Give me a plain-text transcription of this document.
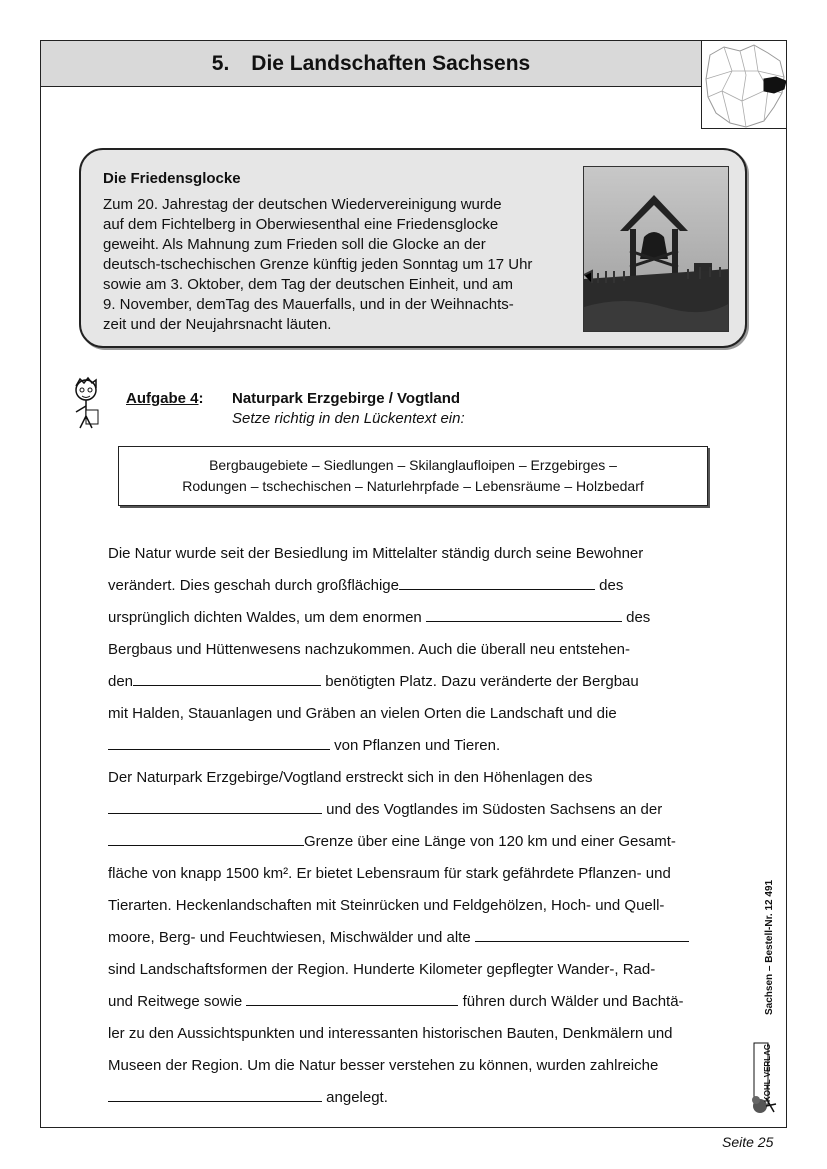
5. Die Landschaften Sachsens
Die Friedensglocke
Zum 20. Jahrestag der deutschen Wiedervereinigung wurde
auf dem Fichtelberg in Oberwiesenthal eine Friedensglocke
geweiht. Als Mahnung zum Frieden soll die Glocke an der
deutsch-tschechischen Grenze künftig jeden Sonntag um 17 Uhr
sowie am 3. Oktober, dem Tag der deutschen Einheit, und am
9. November, demTag des Mauerfalls, und in der Weihnachts-
zeit und der Neujahrsnacht läuten.
Aufgabe 4: Naturpark Erzgebirge / Vogtland
Setze richtig in den Lückentext ein:
Bergbaugebiete – Siedlungen – Skilanglaufloipen – Erzgebirges –
Rodungen – tschechischen – Naturlehrpfade – Lebensräume – Holzbedarf
Die Natur wurde seit der Besiedlung im Mittelalter ständig durch seine Bewohner
verändert. Dies geschah durch großflächige	des
ursprünglich dichten Waldes, um dem enormen	des
Bergbaus und Hüttenwesens nachzukommen. Auch die überall neu entstehen-
den	benötigten Platz. Dazu veränderte der Bergbau
mit Halden, Stauanlagen und Gräben an vielen Orten die Landschaft und die
von Pflanzen und Tieren.
Der Naturpark Erzgebirge/Vogtland erstreckt sich in den Höhenlagen des
und des Vogtlandes im Südosten Sachsens an der
Grenze über eine Länge von 120 km und einer Gesamt-
fläche von knapp 1500 km². Er bietet Lebensraum für stark gefährdete Pflanzen- und
Tierarten. Heckenlandschaften mit Steinrücken und Feldgehölzen, Hoch- und Quell-
moore, Berg- und Feuchtwiesen, Mischwälder und alte
sind Landschaftsformen der Region. Hunderte Kilometer gepflegter Wander-, Rad-
und Reitwege sowie	führen durch Wälder und Bachtä-
ler zu den Aussichtspunkten und interessanten historischen Bauten, Denkmälern und
Museen der Region. Um die Natur besser verstehen zu können, wurden zahlreiche
angelegt.
Sachsen – Bestell-Nr. 12 491
KOHL VERLAG
Seite 25
